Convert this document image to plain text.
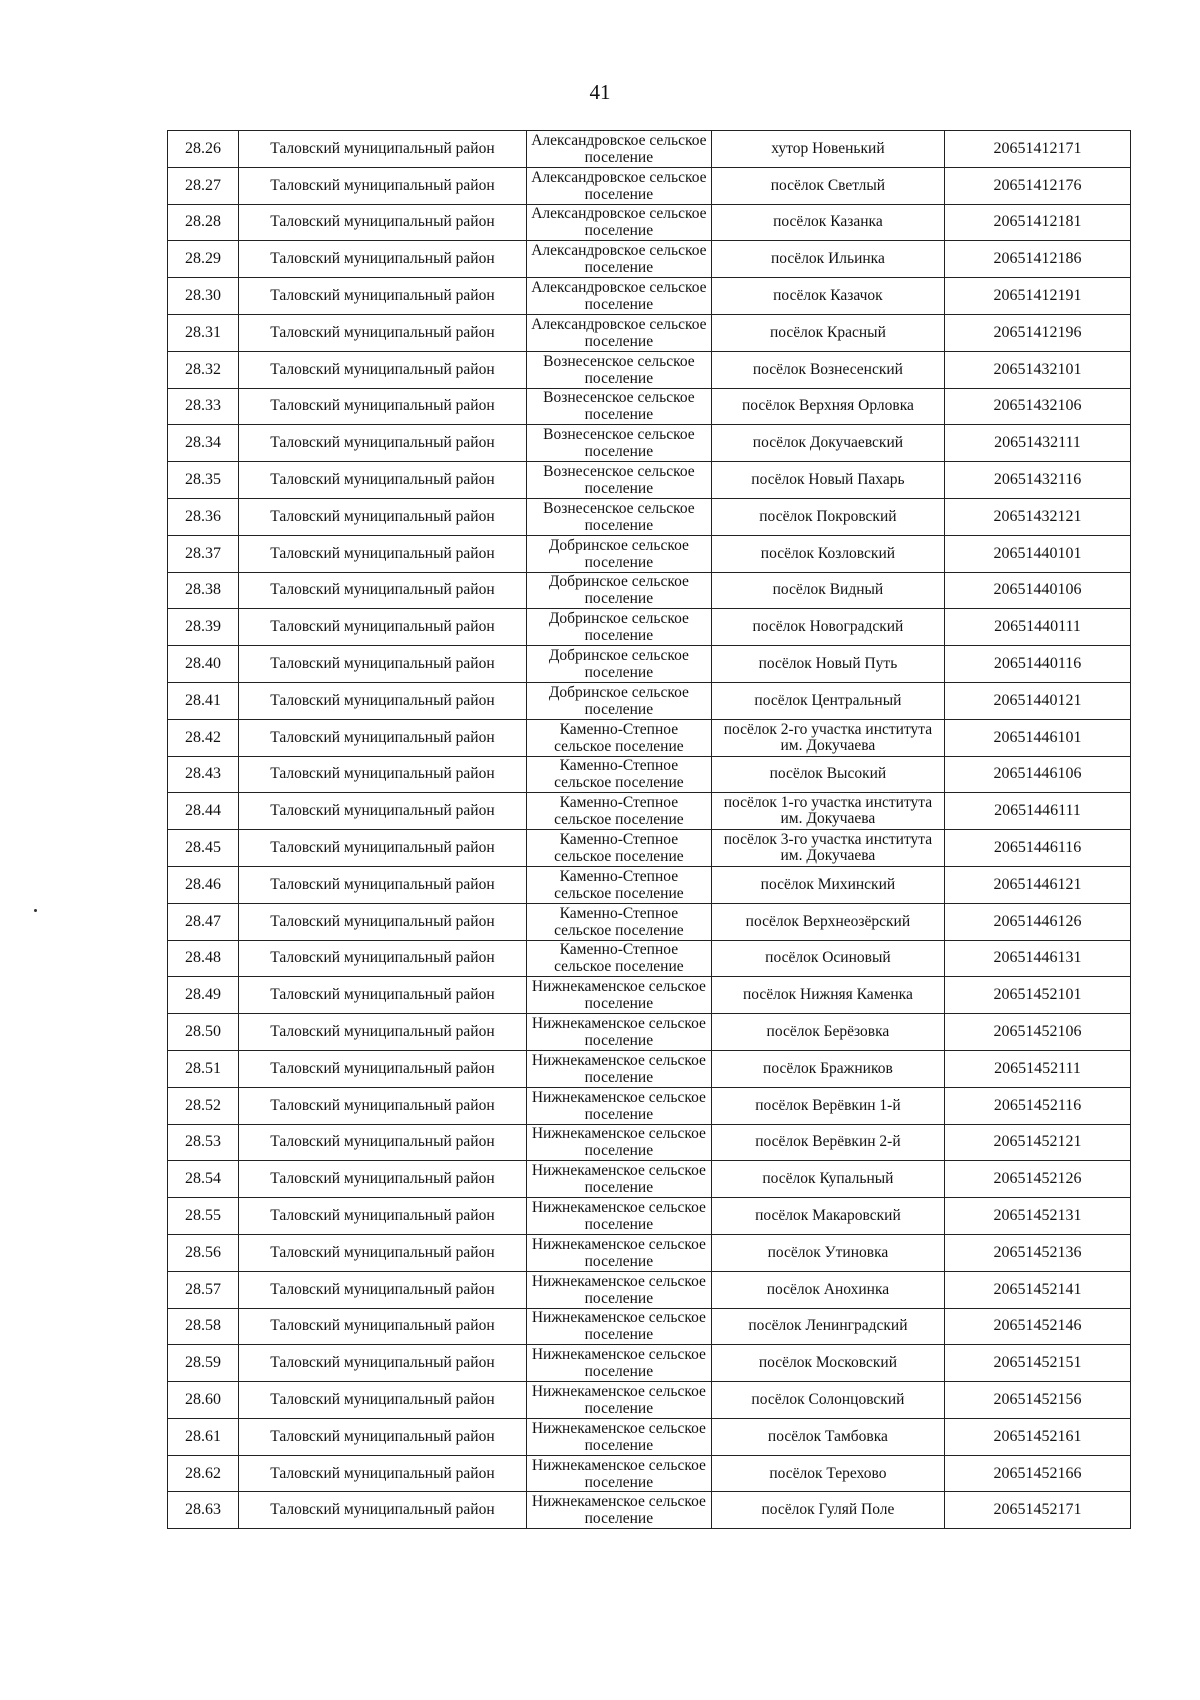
41
28.26	Таловский муниципальный район	Александровское сельское поселение	хутор Новенький	20651412171
28.27	Таловский муниципальный район	Александровское сельское поселение	посёлок Светлый	20651412176
28.28	Таловский муниципальный район	Александровское сельское поселение	посёлок Казанка	20651412181
28.29	Таловский муниципальный район	Александровское сельское поселение	посёлок Ильинка	20651412186
28.30	Таловский муниципальный район	Александровское сельское поселение	посёлок Казачок	20651412191
28.31	Таловский муниципальный район	Александровское сельское поселение	посёлок Красный	20651412196
28.32	Таловский муниципальный район	Вознесенское сельское поселение	посёлок Вознесенский	20651432101
28.33	Таловский муниципальный район	Вознесенское сельское поселение	посёлок Верхняя Орловка	20651432106
28.34	Таловский муниципальный район	Вознесенское сельское поселение	посёлок Докучаевский	20651432111
28.35	Таловский муниципальный район	Вознесенское сельское поселение	посёлок Новый Пахарь	20651432116
28.36	Таловский муниципальный район	Вознесенское сельское поселение	посёлок Покровский	20651432121
28.37	Таловский муниципальный район	Добринское сельское поселение	посёлок Козловский	20651440101
28.38	Таловский муниципальный район	Добринское сельское поселение	посёлок Видный	20651440106
28.39	Таловский муниципальный район	Добринское сельское поселение	посёлок Новоградский	20651440111
28.40	Таловский муниципальный район	Добринское сельское поселение	посёлок Новый Путь	20651440116
28.41	Таловский муниципальный район	Добринское сельское поселение	посёлок Центральный	20651440121
28.42	Таловский муниципальный район	Каменно-Степное сельское поселение	посёлок 2-го участка института им. Докучаева	20651446101
28.43	Таловский муниципальный район	Каменно-Степное сельское поселение	посёлок Высокий	20651446106
28.44	Таловский муниципальный район	Каменно-Степное сельское поселение	посёлок 1-го участка института им. Докучаева	20651446111
28.45	Таловский муниципальный район	Каменно-Степное сельское поселение	посёлок 3-го участка института им. Докучаева	20651446116
28.46	Таловский муниципальный район	Каменно-Степное сельское поселение	посёлок Михинский	20651446121
28.47	Таловский муниципальный район	Каменно-Степное сельское поселение	посёлок Верхнеозёрский	20651446126
28.48	Таловский муниципальный район	Каменно-Степное сельское поселение	посёлок Осиновый	20651446131
28.49	Таловский муниципальный район	Нижнекаменское сельское поселение	посёлок Нижняя Каменка	20651452101
28.50	Таловский муниципальный район	Нижнекаменское сельское поселение	посёлок Берёзовка	20651452106
28.51	Таловский муниципальный район	Нижнекаменское сельское поселение	посёлок Бражников	20651452111
28.52	Таловский муниципальный район	Нижнекаменское сельское поселение	посёлок Верёвкин 1-й	20651452116
28.53	Таловский муниципальный район	Нижнекаменское сельское поселение	посёлок Верёвкин 2-й	20651452121
28.54	Таловский муниципальный район	Нижнекаменское сельское поселение	посёлок Купальный	20651452126
28.55	Таловский муниципальный район	Нижнекаменское сельское поселение	посёлок Макаровский	20651452131
28.56	Таловский муниципальный район	Нижнекаменское сельское поселение	посёлок Утиновка	20651452136
28.57	Таловский муниципальный район	Нижнекаменское сельское поселение	посёлок Анохинка	20651452141
28.58	Таловский муниципальный район	Нижнекаменское сельское поселение	посёлок Ленинградский	20651452146
28.59	Таловский муниципальный район	Нижнекаменское сельское поселение	посёлок Московский	20651452151
28.60	Таловский муниципальный район	Нижнекаменское сельское поселение	посёлок Солонцовский	20651452156
28.61	Таловский муниципальный район	Нижнекаменское сельское поселение	посёлок Тамбовка	20651452161
28.62	Таловский муниципальный район	Нижнекаменское сельское поселение	посёлок Терехово	20651452166
28.63	Таловский муниципальный район	Нижнекаменское сельское поселение	посёлок Гуляй Поле	20651452171
